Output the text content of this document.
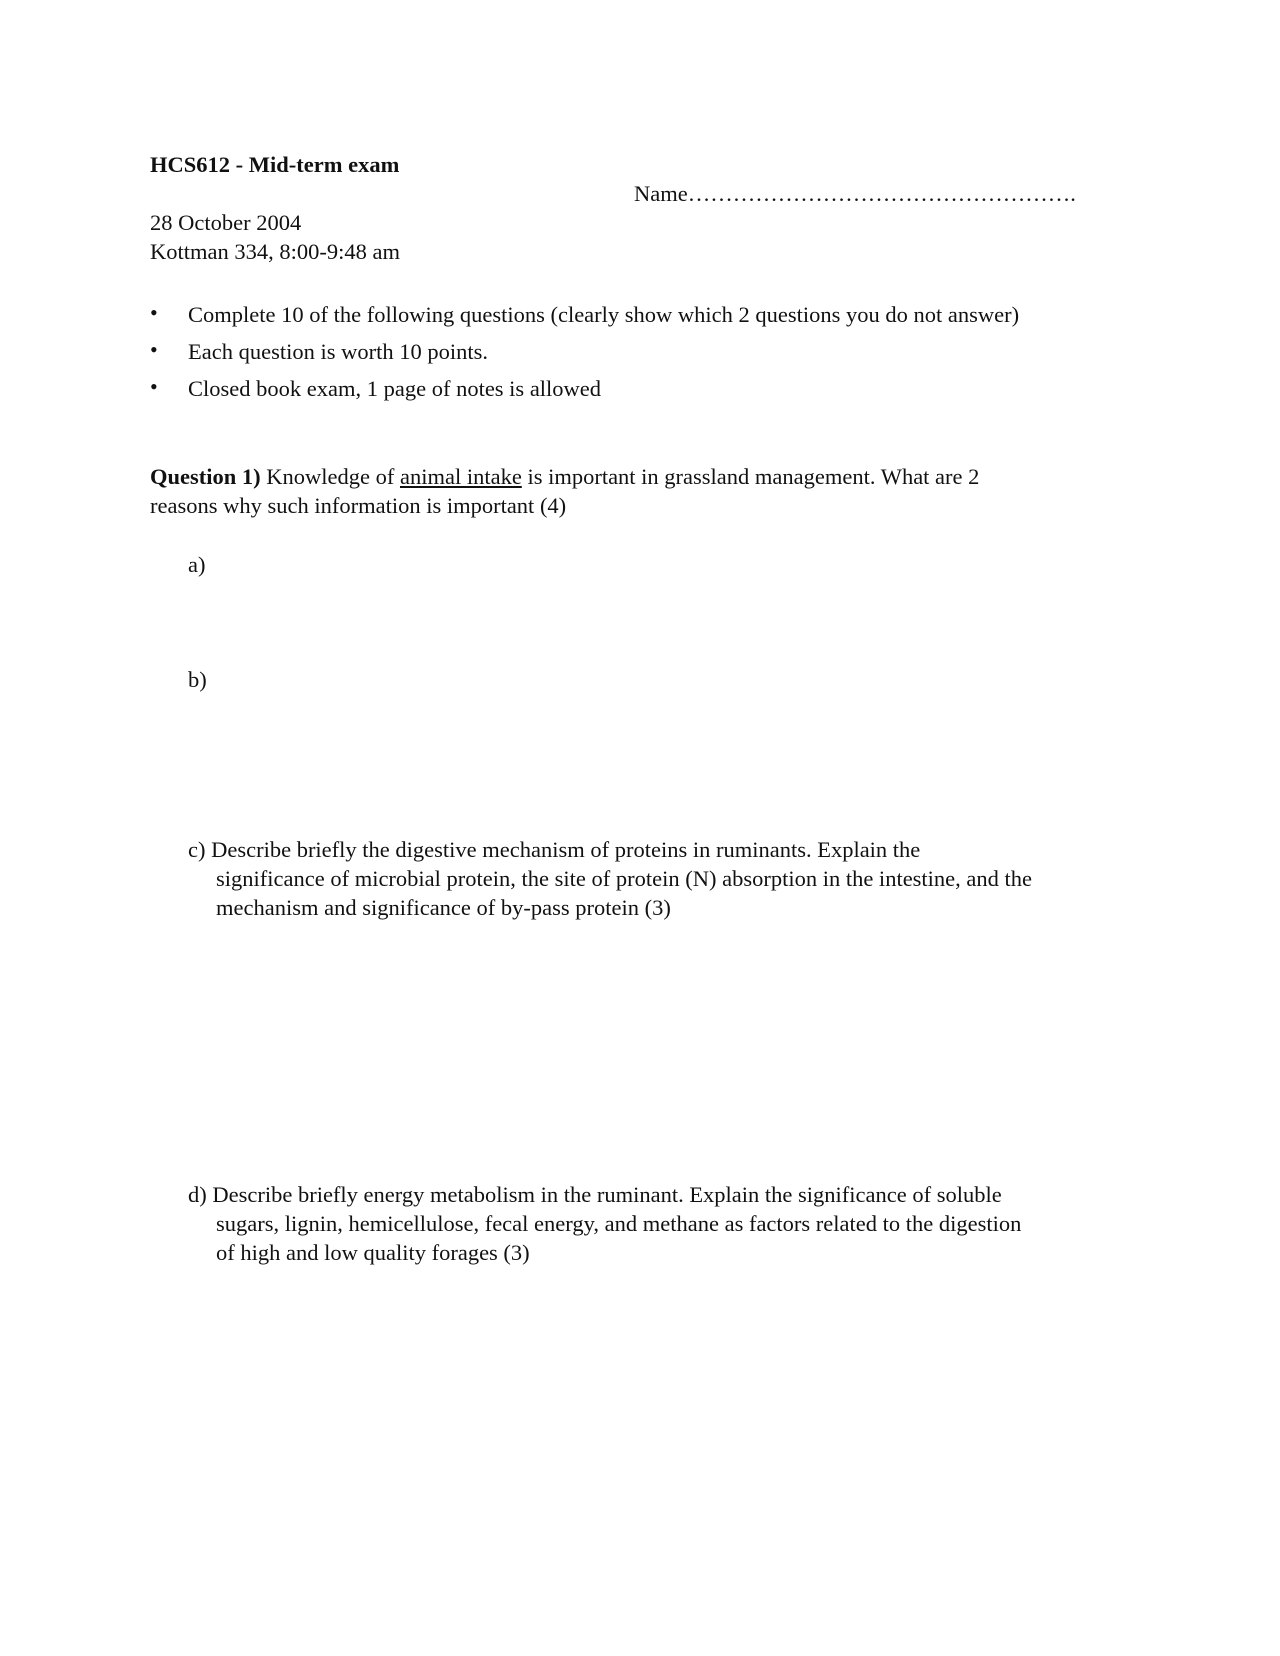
HCS612 - Mid-term exam
Name…………………………………………….
28 October 2004
Kottman 334, 8:00-9:48 am
• Complete 10 of the following questions (clearly show which 2 questions you do not answer)
• Each question is worth 10 points.
• Closed book exam, 1 page of notes is allowed
Question 1) Knowledge of animal intake is important in grassland management. What are 2
reasons why such information is important (4)
a)
b)
c) Describe briefly the digestive mechanism of proteins in ruminants. Explain the
significance of microbial protein, the site of protein (N) absorption in the intestine, and the
mechanism and significance of by-pass protein (3)
d) Describe briefly energy metabolism in the ruminant. Explain the significance of soluble
sugars, lignin, hemicellulose, fecal energy, and methane as factors related to the digestion
of high and low quality forages (3)
